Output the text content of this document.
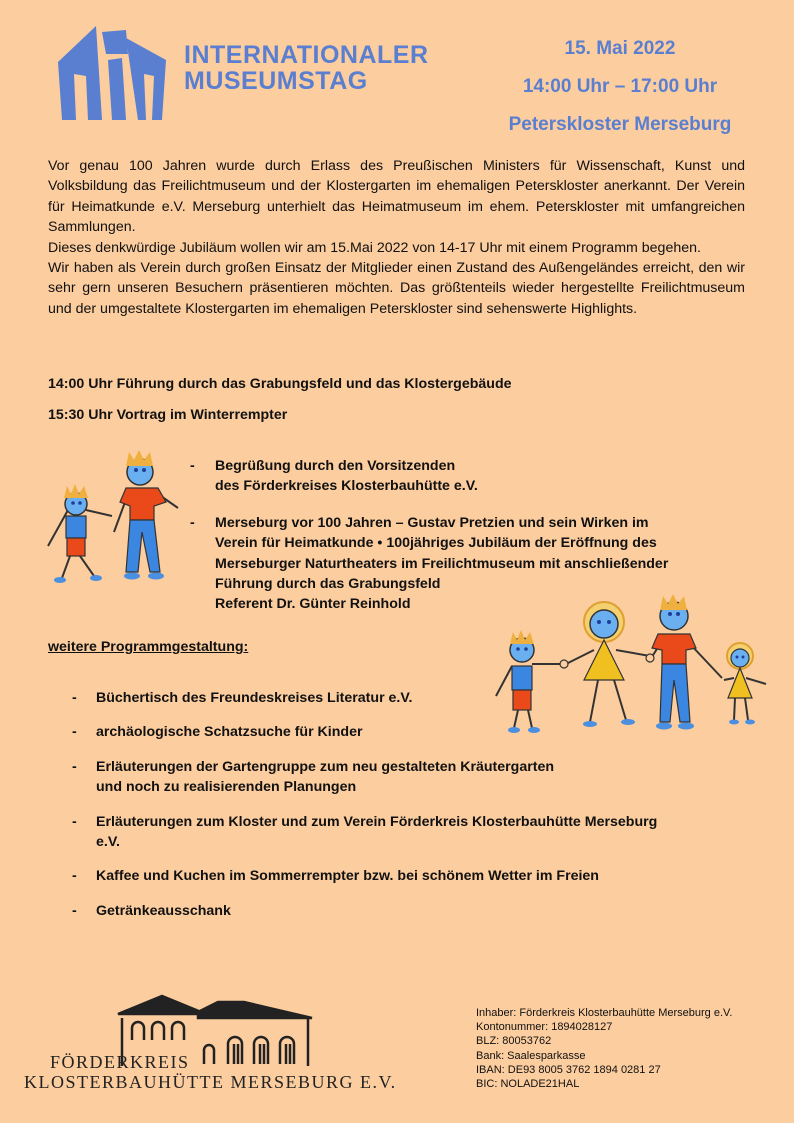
INTERNATIONALER
MUSEUMSTAG
15. Mai 2022
14:00 Uhr – 17:00 Uhr
Peterskloster Merseburg

Vor genau 100 Jahren wurde durch Erlass des Preußischen Ministers für Wissenschaft, Kunst und Volksbildung das Freilichtmuseum und der Klostergarten im ehemaligen Peterskloster anerkannt. Der Verein für Heimatkunde e.V. Merseburg unterhielt das Heimatmuseum im ehem. Peterskloster mit umfangreichen Sammlungen.

Dieses denkwürdige Jubiläum wollen wir am 15.Mai 2022 von 14-17 Uhr mit einem Programm begehen.

Wir haben als Verein durch großen Einsatz der Mitglieder einen Zustand des Außengeländes erreicht, den wir sehr gern unseren Besuchern präsentieren möchten. Das größtenteils wieder hergestellte Freilichtmuseum und der umgestaltete Klostergarten im ehemaligen Peterskloster sind sehenswerte Highlights.

14:00 Uhr Führung durch das Grabungsfeld und das Klostergebäude
15:30 Uhr Vortrag im Winterrempter
- Begrüßung durch den Vorsitzenden
des Förderkreises Klosterbauhütte e.V.
- Merseburg vor 100 Jahren – Gustav Pretzien und sein Wirken im
Verein für Heimatkunde • 100jähriges Jubiläum der Eröffnung des
Merseburger Naturtheaters im Freilichtmuseum mit anschließender
Führung durch das Grabungsfeld
Referent Dr. Günter Reinhold
weitere Programmgestaltung:
- Büchertisch des Freundeskreises Literatur e.V.
- archäologische Schatzsuche für Kinder
- Erläuterungen der Gartengruppe zum neu gestalteten Kräutergarten
und noch zu realisierenden Planungen
- Erläuterungen zum Kloster und zum Verein Förderkreis Klosterbauhütte Merseburg
e.V.
- Kaffee und Kuchen im Sommerrempter bzw. bei schönem Wetter im Freien
- Getränkeausschank
FÖRDERKREIS
KLOSTERBAUHÜTTE MERSEBURG E.V.
Inhaber: Förderkreis Klosterbauhütte Merseburg e.V.
Kontonummer: 1894028127
BLZ: 80053762
Bank: Saalesparkasse
IBAN: DE93 8005 3762 1894 0281 27
BIC: NOLADE21HAL
